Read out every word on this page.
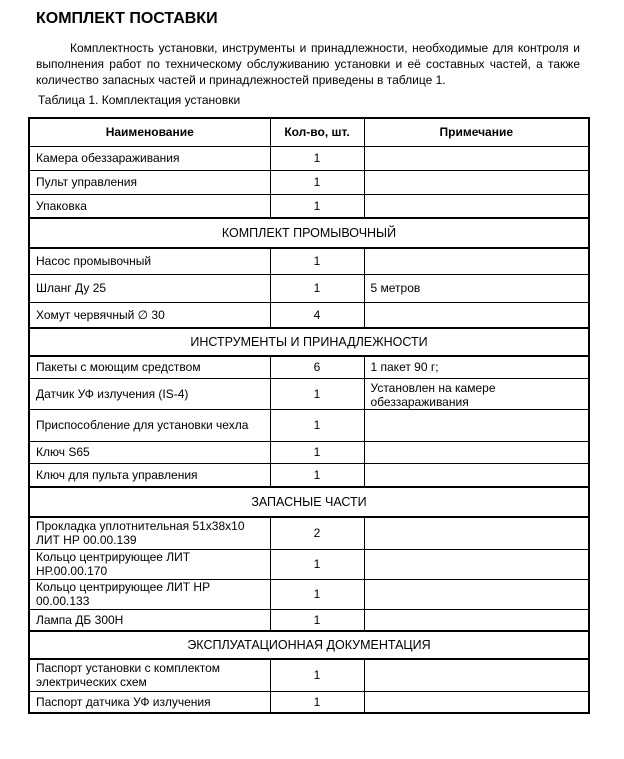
КОМПЛЕКТ ПОСТАВКИ
Комплектность установки, инструменты и принадлежности, необходимые для контроля и выполнения работ по техническому обслуживанию установки и её составных частей, а также количество запасных частей и принадлежностей приведены в таблице 1.
Таблица 1. Комплектация установки
Наименование	Кол-во, шт.	Примечание
Камера обеззараживания	1	
Пульт управления	1	
Упаковка	1	
КОМПЛЕКТ ПРОМЫВОЧНЫЙ		
Насос промывочный	1	
Шланг Ду 25	1	5 метров
Хомут червячный ∅ 30	4	
ИНСТРУМЕНТЫ И ПРИНАДЛЕЖНОСТИ		
Пакеты с моющим средством	6	1 пакет 90 г;
Датчик УФ излучения (IS-4)	1	Установлен на камере обеззараживания
Приспособление для установки чехла	1	
Ключ S65	1	
Ключ для пульта управления	1	
ЗАПАСНЫЕ ЧАСТИ		
Прокладка уплотнительная 51x38x10 ЛИТ НР 00.00.139	2	
Кольцо центрирующее ЛИТ НР.00.00.170	1	
Кольцо центрирующее ЛИТ НР 00.00.133	1	
Лампа ДБ 300Н	1	
ЭКСПЛУАТАЦИОННАЯ ДОКУМЕНТАЦИЯ		
Паспорт установки с комплектом электрических схем	1	
Паспорт датчика УФ излучения	1	
